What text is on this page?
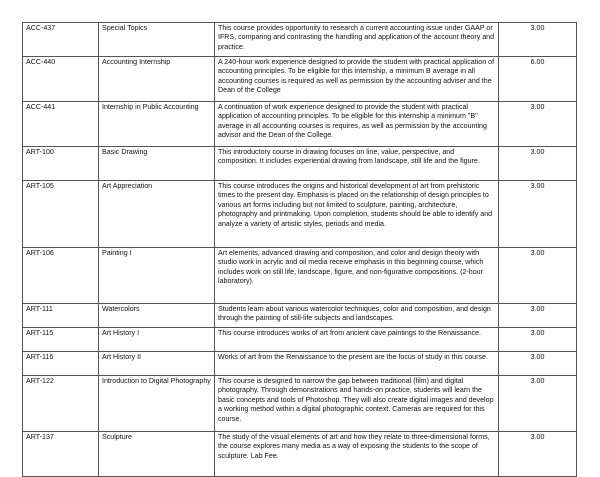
ACC-437	Special Topics	This course provides opportunity to research a current accounting issue under GAAP or IFRS, comparing and contrasting the handling and application of the account theory and practice.	3.00
ACC-440	Accounting Internship	A 240-hour work experience designed to provide the student with practical application of accounting principles. To be eligible for this internship, a minimum B average in all accounting courses is required as well as permission by the accounting adviser and the Dean of the College	6.00
ACC-441	Internship in Public Accounting	A continuation of work experience designed to provide the student with practical application of accounting principles. To be eligible for this internship a minimum "B" average in all accounting courses is requires, as well as permission by the accounting advisor and the Dean of the College.	3.00
ART-100	Basic Drawing	This introductory course in drawing focuses on line, value, perspective, and composition. It includes experiential drawing from landscape, still life and the figure.	3.00
ART-105	Art Appreciation	This course introduces the origins and historical development of art from prehistoric times to the present day. Emphasis is placed on the relationship of design principles to various art forms including but not limited to sculpture, painting, architecture, photography and printmaking. Upon completion, students should be able to identify and analyze a variety of artistic styles, periods and media.	3.00
ART-106	Painting I	Art elements, advanced drawing and composition, and color and design theory with studio work in acrylic and oil media receive emphasis in this beginning course, which includes work on still life, landscape, figure, and non-figurative compositions. (2-hour laboratory).	3.00
ART-111	Watercolors	Students learn about various watercolor techniques, color and composition, and design through the painting of still-life subjects and landscapes.	3.00
ART-115	Art History I	This course introduces works of art from ancient cave paintings to the Renaissance.	3.00
ART-116	Art History II	Works of art from the Renaissance to the present are the focus of study in this course.	3.00
ART-122	Introduction to Digital Photography	This course is designed to narrow the gap between traditional (film) and digital photography. Through demonstrations and hands-on practice, students will learn the basic concepts and tools of Photoshop. They will also create digital images and develop a working method within a digital photographic context. Cameras are required for this course.	3.00
ART-137	Sculpture	The study of the visual elements of art and how they relate to three-dimensional forms, the course explores many media as a way of exposing the students to the scope of sculpture. Lab Fee.	3.00
